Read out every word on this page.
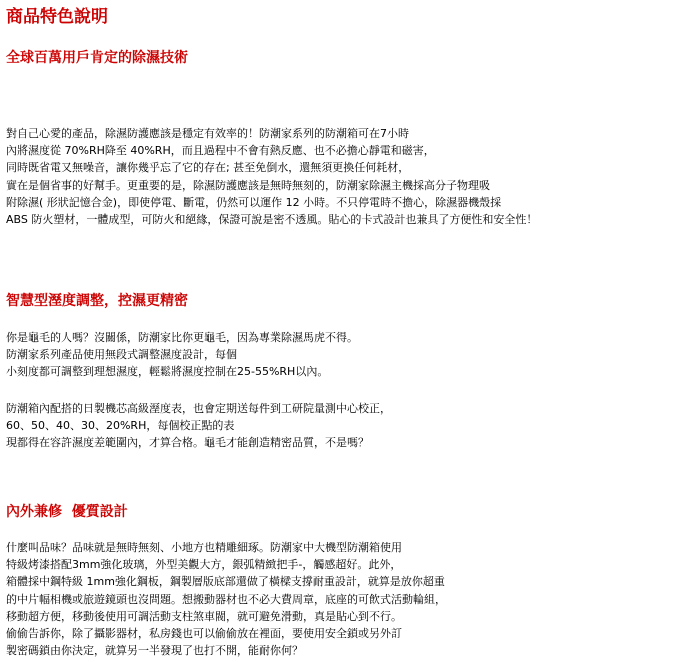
商品特色說明
全球百萬用戶肯定的除濕技術
對自己心愛的產品，除濕防護應該是穩定有效率的！防潮家系列的防潮箱可在7小時
內將濕度從 70%RH降至 40%RH，而且過程中不會有熱反應、也不必擔心靜電和磁害，
同時既省電又無噪音，讓你幾乎忘了它的存在; 甚至免倒水，還無須更換任何耗材，
實在是個省事的好幫手。更重要的是，除濕防護應該是無時無刻的，防潮家除濕主機採高分子物理吸
附除濕( 形狀記憶合金)，即使停電、斷電，仍然可以運作 12 小時。不只停電時不擔心，除濕器機殼採
ABS 防火塑材，一體成型，可防火和絕緣，保證可說是密不透風。貼心的卡式設計也兼具了方便性和安全性！
智慧型溼度調整，控濕更精密
你是龜毛的人嗎？沒關係，防潮家比你更龜毛，因為專業除濕馬虎不得。
防潮家系列產品使用無段式調整濕度設計，每個
小刻度都可調整到理想濕度，輕鬆將濕度控制在25-55%RH以內。
防潮箱內配搭的日製機芯高級溼度表，也會定期送每件到工研院量測中心校正，
60、50、40、30、20%RH，每個校正點的表
現都得在容許濕度差範圍內，才算合格。龜毛才能創造精密品質，不是嗎？
內外兼修  優質設計
什麼叫品味？品味就是無時無刻、小地方也精雕細琢。防潮家中大機型防潮箱使用
特級烤漆搭配3mm強化玻璃，外型美觀大方，銀弧精緻把手-，觸感超好。此外，
箱體採中鋼特級 1mm強化鋼板，鋼製層版底部還做了橫樑支撐耐重設計，就算是放你超重
的中片幅相機或旅遊鏡頭也沒問題。想搬動器材也不必大費周章，底座的可飲式活動輪組，
移動超方便，移動後使用可調活動支柱煞車閥，就可避免滑動，真是貼心到不行。
偷偷告訴你，除了攝影器材，私房錢也可以偷偷放在裡面，要使用安全鎖或另外訂
製密碼鎖由你決定，就算另一半發現了也打不開，能耐你何？
